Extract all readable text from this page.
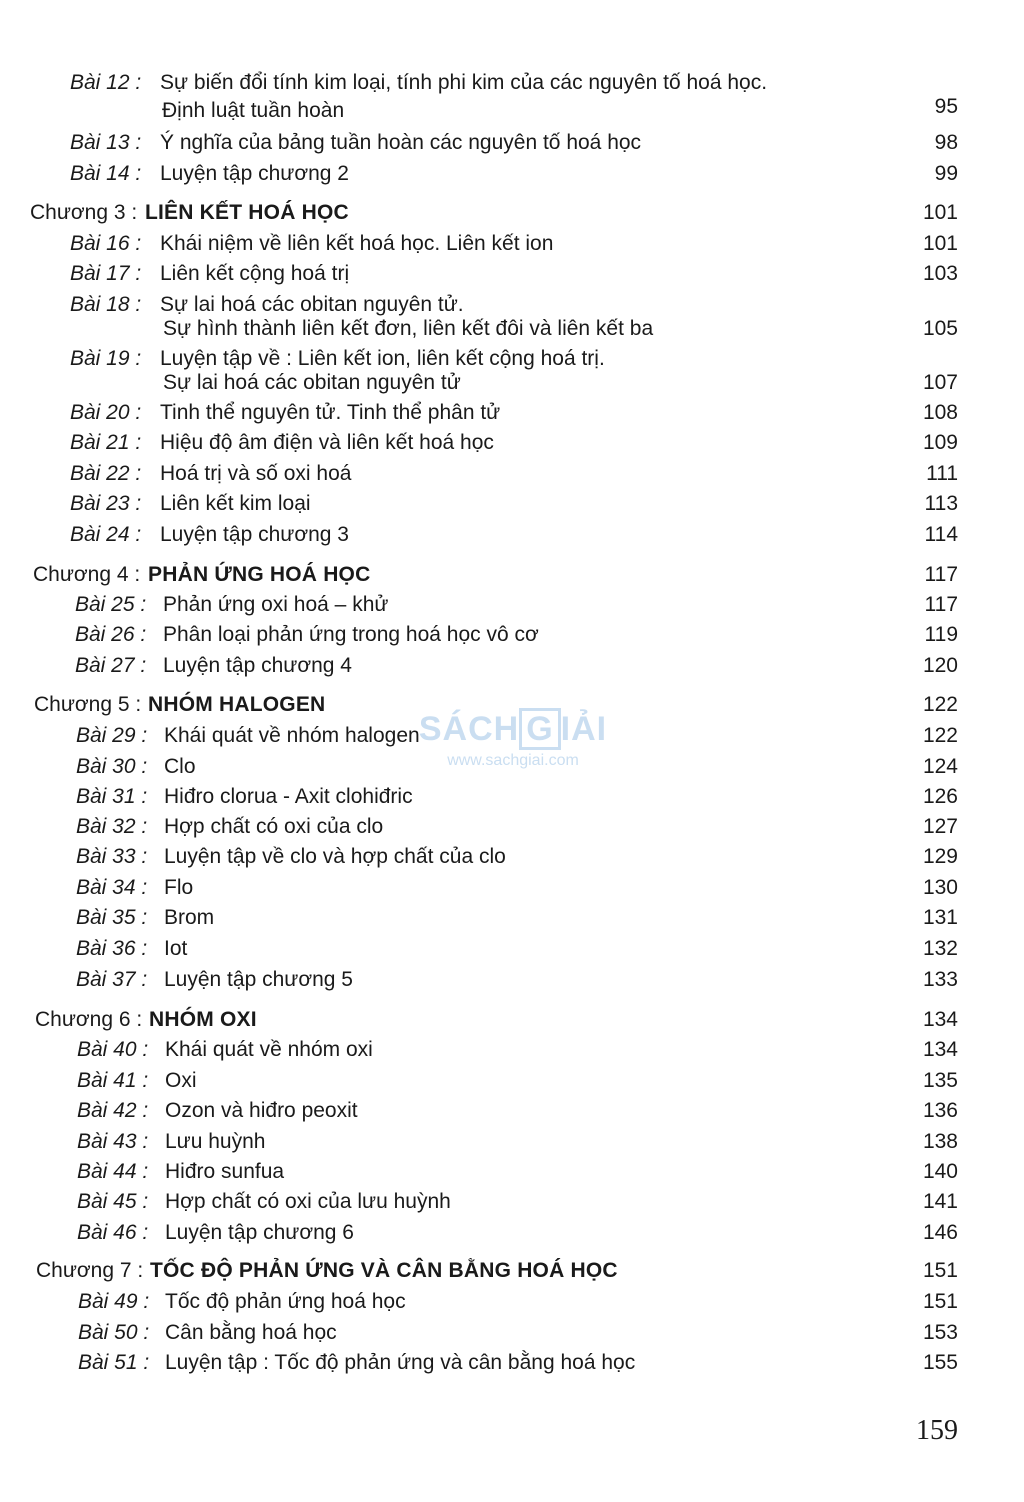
Bài 12 : Sự biến đổi tính kim loại, tính phi kim của các nguyên tố hoá học.
Định luật tuần hoàn	95
Bài 13 : Ý nghĩa của bảng tuần hoàn các nguyên tố hoá học	98
Bài 14 : Luyện tập chương 2	99
Chương 3 : LIÊN KẾT HOÁ HỌC	101
Bài 16 : Khái niệm về liên kết hoá học. Liên kết ion	101
Bài 17 : Liên kết cộng hoá trị	103
Bài 18 : Sự lai hoá các obitan nguyên tử.
Sự hình thành liên kết đơn, liên kết đôi và liên kết ba	105
Bài 19 : Luyện tập về : Liên kết ion, liên kết cộng hoá trị.
Sự lai hoá các obitan nguyên tử	107
Bài 20 : Tinh thể nguyên tử. Tinh thể phân tử	108
Bài 21 : Hiệu độ âm điện và liên kết hoá học	109
Bài 22 : Hoá trị và số oxi hoá	111
Bài 23 : Liên kết kim loại	113
Bài 24 : Luyện tập chương 3	114
Chương 4 : PHẢN ỨNG HOÁ HỌC	117
Bài 25 : Phản ứng oxi hoá – khử	117
Bài 26 : Phân loại phản ứng trong hoá học vô cơ	119
Bài 27 : Luyện tập chương 4	120
Chương 5 : NHÓM HALOGEN	122
Bài 29 : Khái quát về nhóm halogen	122
Bài 30 : Clo	124
Bài 31 : Hiđro clorua - Axit clohiđric	126
Bài 32 : Hợp chất có oxi của clo	127
Bài 33 : Luyện tập về clo và hợp chất của clo	129
Bài 34 : Flo	130
Bài 35 : Brom	131
Bài 36 : Iot	132
Bài 37 : Luyện tập chương 5	133
Chương 6 : NHÓM OXI	134
Bài 40 : Khái quát về nhóm oxi	134
Bài 41 : Oxi	135
Bài 42 : Ozon và hiđro peoxit	136
Bài 43 : Lưu huỳnh	138
Bài 44 : Hiđro sunfua	140
Bài 45 : Hợp chất có oxi của lưu huỳnh	141
Bài 46 : Luyện tập chương 6	146
Chương 7 : TỐC ĐỘ PHẢN ỨNG VÀ CÂN BẰNG HOÁ HỌC	151
Bài 49 : Tốc độ phản ứng hoá học	151
Bài 50 : Cân bằng hoá học	153
Bài 51 : Luyện tập : Tốc độ phản ứng và cân bằng hoá học	155
SÁCH G IẢI
www.sachgiai.com
159
